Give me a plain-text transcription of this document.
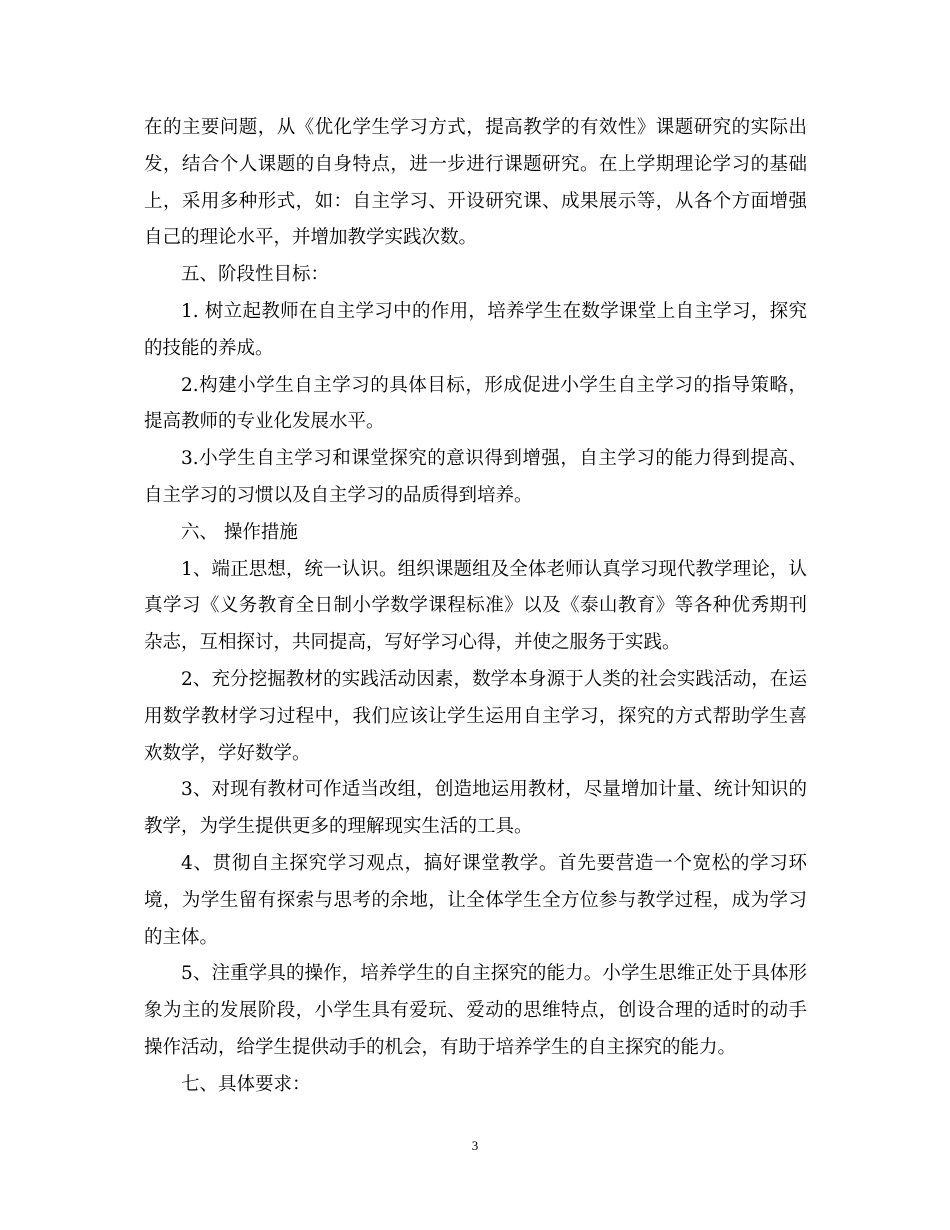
在的主要问题，从《优化学生学习方式，提高教学的有效性》课题研究的实际出发，结合个人课题的自身特点，进一步进行课题研究。在上学期理论学习的基础上，采用多种形式，如：自主学习、开设研究课、成果展示等，从各个方面增强自己的理论水平，并增加教学实践次数。

五、阶段性目标：

1. 树立起教师在自主学习中的作用，培养学生在数学课堂上自主学习，探究的技能的养成。

2.构建小学生自主学习的具体目标，形成促进小学生自主学习的指导策略，提高教师的专业化发展水平。

3.小学生自主学习和课堂探究的意识得到增强，自主学习的能力得到提高、自主学习的习惯以及自主学习的品质得到培养。

六、 操作措施

1、端正思想，统一认识。组织课题组及全体老师认真学习现代教学理论，认真学习《义务教育全日制小学数学课程标准》以及《泰山教育》等各种优秀期刊杂志，互相探讨，共同提高，写好学习心得，并使之服务于实践。

2、充分挖掘教材的实践活动因素，数学本身源于人类的社会实践活动，在运用数学教材学习过程中，我们应该让学生运用自主学习，探究的方式帮助学生喜欢数学，学好数学。

3、对现有教材可作适当改组，创造地运用教材，尽量增加计量、统计知识的教学，为学生提供更多的理解现实生活的工具。

4、贯彻自主探究学习观点，搞好课堂教学。首先要营造一个宽松的学习环境，为学生留有探索与思考的余地，让全体学生全方位参与教学过程，成为学习的主体。

5、注重学具的操作，培养学生的自主探究的能力。小学生思维正处于具体形象为主的发展阶段，小学生具有爱玩、爱动的思维特点，创设合理的适时的动手操作活动，给学生提供动手的机会，有助于培养学生的自主探究的能力。

七、具体要求：

3
